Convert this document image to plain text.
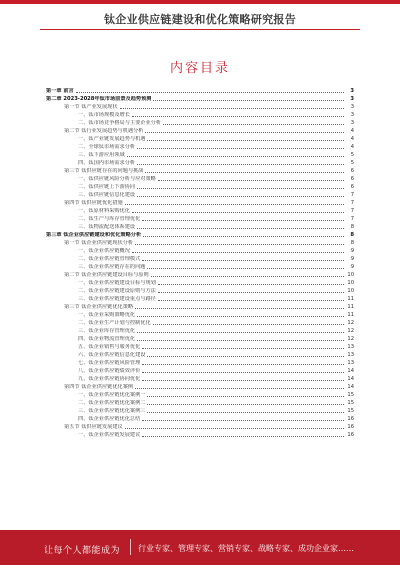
钛企业供应链建设和优化策略研究报告
内容目录
第一章 前言	3
第二章 2023-2028年钛市场前景及趋势预测	3
第一节 钛产业发展现状	3
一、钛市场规模及增长	3
二、钛市场竞争格局与主要企业分析	3
第二节 钛行业发展趋势与机遇分析	4
一、钛产业链发展趋势与机遇	4
二、全球钛市场需求分析	4
三、钛下游应用领域	5
四、钛国内市场需求分析	5
第三节 钛供应链存在的问题与挑战	6
一、钛供应链风险分析与应对策略	6
二、钛供应链上下游协同	6
三、钛供应链信息化建设	7
第四节 钛供应链优化措施	7
一、钛原材料采购优化	7
二、钛生产与库存管理优化	7
三、钛物流配送体系建设	8
第三章 钛企业供应链建设和优化策略分析	8
第一节 钛企业供应链现状分析	8
一、钛企业供应链概况	9
二、钛企业供应链管理模式	9
三、钛企业供应链存在的问题	9
第二节 钛企业供应链建设目标与原则	10
一、钛企业供应链建设目标与规划	10
二、钛企业供应链建设原则与方法	10
三、钛企业供应链建设重点与路径	11
第三节 钛企业供应链优化策略	11
一、钛企业采购策略优化	11
二、钛企业生产计划与控制优化	12
三、钛企业库存管理优化	12
四、钛企业物流管理优化	12
五、钛企业销售与服务优化	13
六、钛企业供应链信息化建设	13
七、钛企业供应链风险管理	13
八、钛企业供应链绩效评价	14
九、钛企业供应链协同优化	14
第四节 钛企业供应链优化案例	14
一、钛企业供应链优化案例一	15
二、钛企业供应链优化案例二	15
三、钛企业供应链优化案例三	15
四、钛企业供应链优化总结	16
第五节 钛供应链发展建议	16
一、钛企业供应链发展建议	16
让每个人都能成为 行业专家、管理专家、营销专家、战略专家、成功企业家……
